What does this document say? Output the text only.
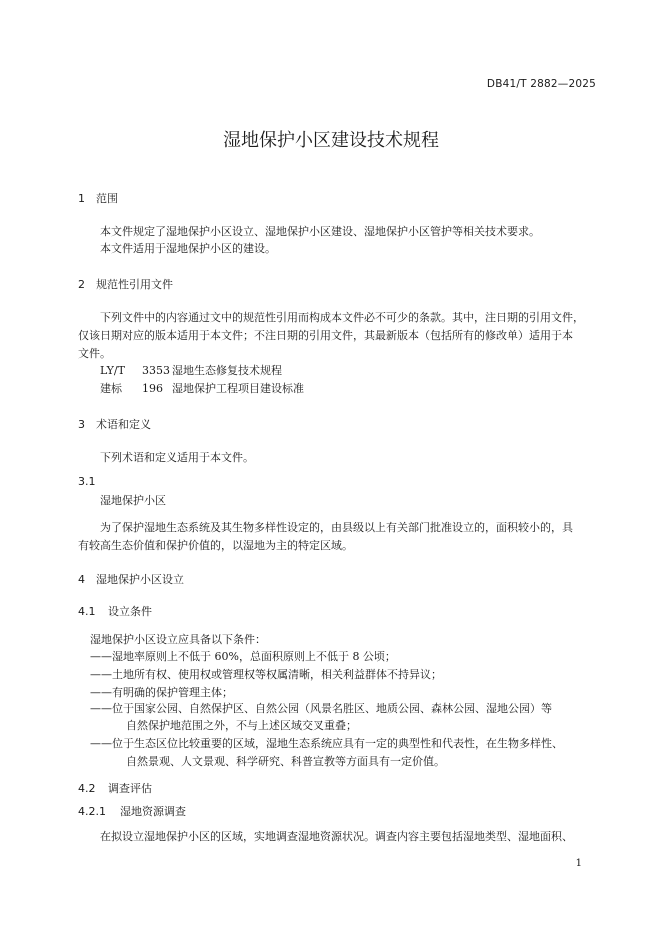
DB41/T 2882—2025
湿地保护小区建设技术规程
1 范围
本文件规定了湿地保护小区设立、湿地保护小区建设、湿地保护小区管护等相关技术要求。
本文件适用于湿地保护小区的建设。
2 规范性引用文件
下列文件中的内容通过文中的规范性引用而构成本文件必不可少的条款。其中，注日期的引用文件，
仅该日期对应的版本适用于本文件；不注日期的引用文件，其最新版本（包括所有的修改单）适用于本
文件。
LY/T 3353 湿地生态修复技术规程
建标 196 湿地保护工程项目建设标准
3 术语和定义
下列术语和定义适用于本文件。
3.1
湿地保护小区
为了保护湿地生态系统及其生物多样性设定的，由县级以上有关部门批准设立的，面积较小的，具
有较高生态价值和保护价值的，以湿地为主的特定区域。
4 湿地保护小区设立
4.1 设立条件
湿地保护小区设立应具备以下条件：
——湿地率原则上不低于 60%，总面积原则上不低于 8 公顷；
——土地所有权、使用权或管理权等权属清晰，相关利益群体不持异议；
——有明确的保护管理主体；
——位于国家公园、自然保护区、自然公园（风景名胜区、地质公园、森林公园、湿地公园）等
自然保护地范围之外，不与上述区域交叉重叠；
——位于生态区位比较重要的区域，湿地生态系统应具有一定的典型性和代表性，在生物多样性、
自然景观、人文景观、科学研究、科普宣教等方面具有一定价值。
4.2 调查评估
4.2.1 湿地资源调查
在拟设立湿地保护小区的区域，实地调查湿地资源状况。调查内容主要包括湿地类型、湿地面积、
1
